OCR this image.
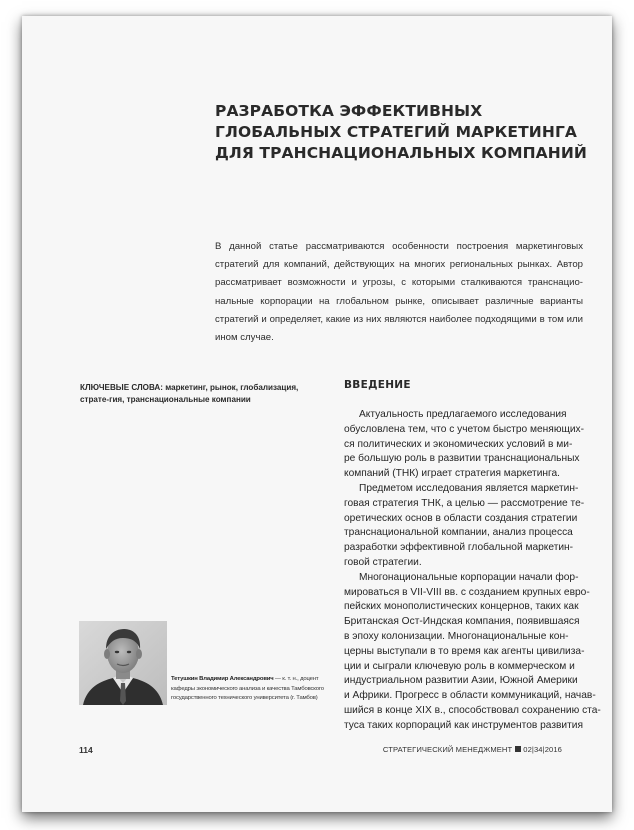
РАЗРАБОТКА ЭФФЕКТИВНЫХ
ГЛОБАЛЬНЫХ СТРАТЕГИЙ МАРКЕТИНГА
ДЛЯ ТРАНСНАЦИОНАЛЬНЫХ КОМПАНИЙ

В данной статье рассматриваются особенности построения маркетинговых стратегий для компаний, действующих на многих региональных рынках. Автор рассматривает возможности и угрозы, с которыми сталкиваются транснацио-нальные корпорации на глобальном рынке, описывает различные варианты стратегий и определяет, какие из них являются наиболее подходящими в том или ином случае.

КЛЮЧЕВЫЕ СЛОВА: маркетинг, рынок, глобализация, страте-гия, транснациональные компании

ВВЕДЕНИЕ
Актуальность предлагаемого исследования
обусловлена тем, что с учетом быстро меняющих-
ся политических и экономических условий в ми-
ре большую роль в развитии транснациональных
компаний (ТНК) играет стратегия маркетинга.
Предметом исследования является маркетин-
говая стратегия ТНК, а целью — рассмотрение те-
оретических основ в области создания стратегии
транснациональной компании, анализ процесса
разработки эффективной глобальной маркетин-
говой стратегии.
Многонациональные корпорации начали фор-
мироваться в VII-VIII вв. с созданием крупных евро-
пейских монополистических концернов, таких как
Британская Ост-Индская компания, появившаяся
в эпоху колонизации. Многонациональные кон-
церны выступали в то время как агенты цивилиза-
ции и сыграли ключевую роль в коммерческом и
индустриальном развитии Азии, Южной Америки
и Африки. Прогресс в области коммуникаций, начав-
шийся в конце XIX в., способствовал сохранению ста-
туса таких корпораций как инструментов развития
Тетушкин Владимир Александрович — к. т. н., доцент
кафедры экономического анализа и качества Тамбовского
государственного технического университета (г. Тамбов)

114	СТРАТЕГИЧЕСКИЙ МЕНЕДЖМЕНТ 02|34|2016
